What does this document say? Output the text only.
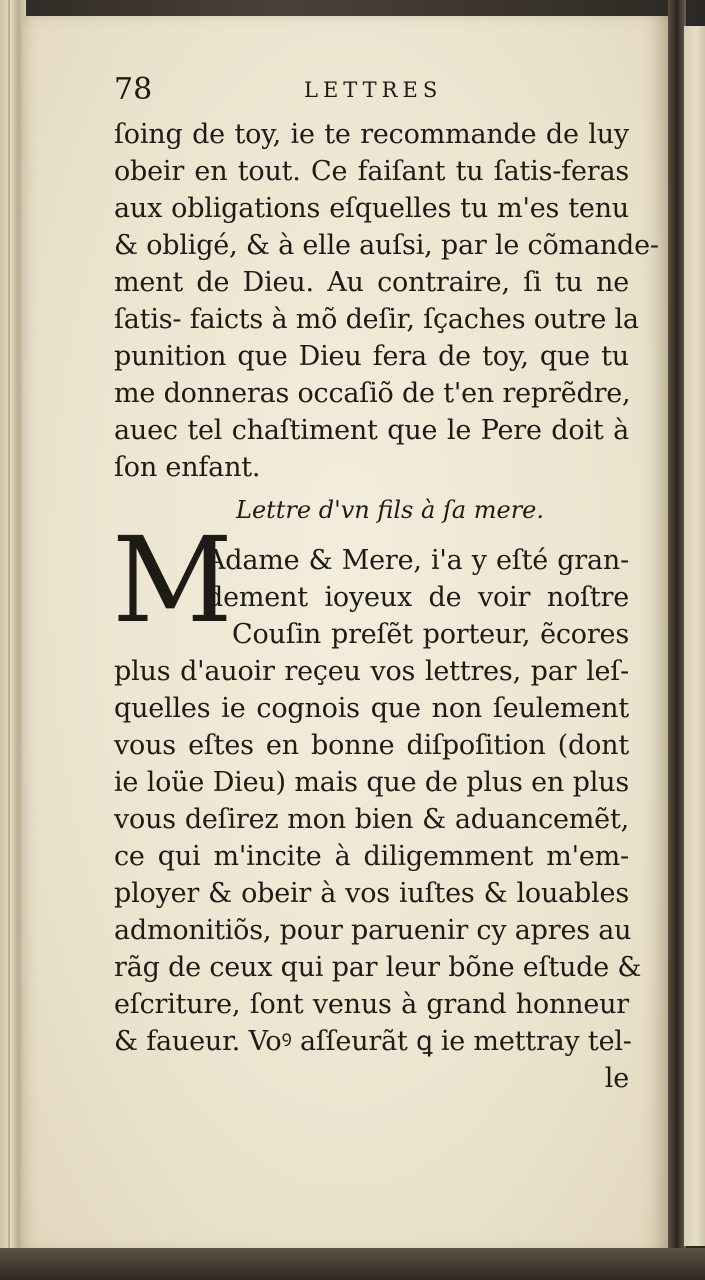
78	LETTRES
ſoing de toy, ie te recommande de luy
obeir en tout. Ce faiſant tu ſatis-feras
aux obligations eſquelles tu m'es tenu
& obligé, & à elle auſsi, par le cõmande-
ment de Dieu. Au contraire, ſi tu ne
ſatis- faicts à mõ deſir, ſçaches outre la
punition que Dieu fera de toy, que tu
me donneras occaſiõ de t'en reprẽdre,
auec tel chaſtiment que le Pere doit à
ſon enfant.
Lettre d'vn fils à ſa mere.
M
Adame & Mere, i'a y eſté gran-
dement ioyeux de voir noſtre
Couſin preſẽt porteur, ẽcores
plus d'auoir reçeu vos lettres, par leſ-
quelles ie cognois que non ſeulement
vous eſtes en bonne diſpoſition (dont
ie loüe Dieu) mais que de plus en plus
vous deſirez mon bien & aduancemẽt,
ce qui m'incite à diligemment m'em-
ployer & obeir à vos iuſtes & louables
admonitiõs, pour paruenir cy apres au
rãg de ceux qui par leur bõne eſtude &
eſcriture, ſont venus à grand honneur
& faueur. Voꝰ aſſeurãt ꝗ ie mettray tel-
le
